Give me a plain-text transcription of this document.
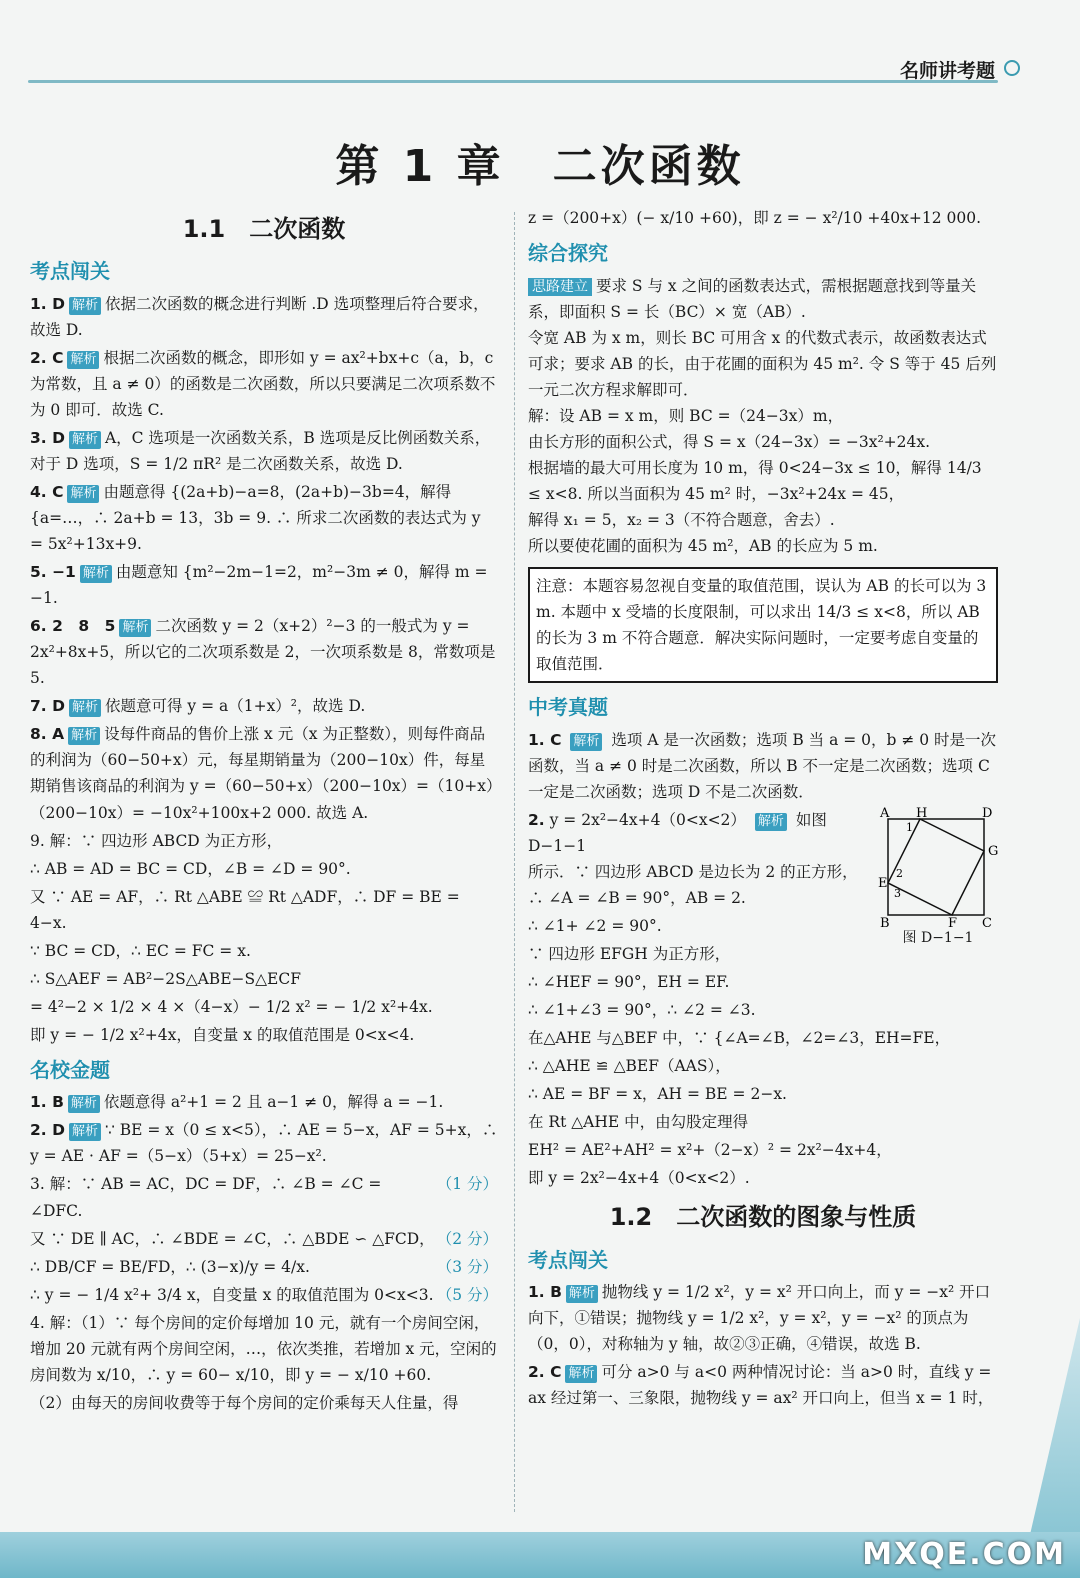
名师讲考题
第 1 章　二次函数
1.1　二次函数
考点闯关
1. D 解析 依据二次函数的概念进行判断 .D 选项整理后符合要求，故选 D.
2. C 解析 根据二次函数的概念，即形如 y = ax²+bx+c（a，b，c 为常数，且 a ≠ 0）的函数是二次函数，所以只要满足二次项系数不为 0 即可．故选 C.
3. D 解析 A，C 选项是一次函数关系，B 选项是反比例函数关系，对于 D 选项，S = 1/2 πR² 是二次函数关系，故选 D.
4. C 解析 由题意得 {(2a+b)−a=8，(2a+b)−3b=4，解得 {a=…，∴ 2a+b = 13，3b = 9. ∴ 所求二次函数的表达式为 y = 5x²+13x+9.
5. −1 解析 由题意知 {m²−2m−1=2，m²−3m ≠ 0，解得 m = −1.
6. 2　8　5 解析 二次函数 y = 2（x+2）²−3 的一般式为 y = 2x²+8x+5，所以它的二次项系数是 2，一次项系数是 8，常数项是 5.
7. D 解析 依题意可得 y = a（1+x）²，故选 D.
8. A 解析 设每件商品的售价上涨 x 元（x 为正整数），则每件商品的利润为（60−50+x）元，每星期销量为（200−10x）件，每星期销售该商品的利润为 y =（60−50+x）（200−10x）=（10+x）（200−10x）= −10x²+100x+2 000. 故选 A.
9. 解：∵ 四边形 ABCD 为正方形，
∴ AB = AD = BC = CD，∠B = ∠D = 90°.
又 ∵ AE = AF，∴ Rt △ABE ≌ Rt △ADF，∴ DF = BE = 4−x.
∵ BC = CD，∴ EC = FC = x.
∴ S△AEF = AB²−2S△ABE−S△ECF
= 4²−2 × 1/2 × 4 ×（4−x）− 1/2 x² = − 1/2 x²+4x.
即 y = − 1/2 x²+4x，自变量 x 的取值范围是 0<x<4.
名校金题
1. B 解析 依题意得 a²+1 = 2 且 a−1 ≠ 0，解得 a = −1.
2. D 解析 ∵ BE = x（0 ≤ x<5），∴ AE = 5−x，AF = 5+x，∴ y = AE · AF =（5−x）（5+x）= 25−x².
（1 分）
3. 解：∵ AB = AC，DC = DF，∴ ∠B = ∠C = ∠DFC.
（2 分）
又 ∵ DE ∥ AC，∴ ∠BDE = ∠C，∴ △BDE ∽ △FCD，
（3 分）
∴ DB/CF = BE/FD，∴ (3−x)/y = 4/x.
（5 分）
∴ y = − 1/4 x²+ 3/4 x，自变量 x 的取值范围为 0<x<3.
4. 解：（1）∵ 每个房间的定价每增加 10 元，就有一个房间空闲，增加 20 元就有两个房间空闲，…，依次类推，若增加 x 元，空闲的房间数为 x/10，∴ y = 60− x/10，即 y = − x/10 +60.
（2）由每天的房间收费等于每个房间的定价乘每天人住量，得
z =（200+x）(− x/10 +60)，即 z = − x²/10 +40x+12 000.
综合探究
思路建立 要求 S 与 x 之间的函数表达式，需根据题意找到等量关系，即面积 S = 长（BC）× 宽（AB）.
令宽 AB 为 x m，则长 BC 可用含 x 的代数式表示，故函数表达式可求；要求 AB 的长，由于花圃的面积为 45 m². 令 S 等于 45 后列一元二次方程求解即可．
解：设 AB = x m，则 BC =（24−3x）m，
由长方形的面积公式，得 S = x（24−3x）= −3x²+24x.
根据墙的最大可用长度为 10 m，得 0<24−3x ≤ 10，解得 14/3 ≤ x<8. 所以当面积为 45 m² 时，−3x²+24x = 45，
解得 x₁ = 5，x₂ = 3（不符合题意，舍去）.
所以要使花圃的面积为 45 m²，AB 的长应为 5 m.
注意：本题容易忽视自变量的取值范围，误认为 AB 的长可以为 3 m. 本题中 x 受墙的长度限制，可以求出 14/3 ≤ x<8，所以 AB 的长为 3 m 不符合题意．解决实际问题时，一定要考虑自变量的取值范围．
中考真题
1. C 解析 选项 A 是一次函数；选项 B 当 a = 0，b ≠ 0 时是一次函数，当 a ≠ 0 时是二次函数，所以 B 不一定是二次函数；选项 C 一定是二次函数；选项 D 不是二次函数．
A H	D
E
G
B	F C
1
2
3
图 D−1−1
2. y = 2x²−4x+4（0<x<2） 解析 如图 D−1−1
所示．∵ 四边形 ABCD 是边长为 2 的正方形，∴ ∠A = ∠B = 90°，AB = 2.
∴ ∠1+ ∠2 = 90°.
∵ 四边形 EFGH 为正方形，
∴ ∠HEF = 90°，EH = EF.
∴ ∠1+∠3 = 90°，∴ ∠2 = ∠3.
在△AHE 与△BEF 中，∵ {∠A=∠B，∠2=∠3，EH=FE，
∴ △AHE ≌ △BEF（AAS），
∴ AE = BF = x，AH = BE = 2−x.
在 Rt △AHE 中，由勾股定理得
EH² = AE²+AH² = x²+（2−x）² = 2x²−4x+4，
即 y = 2x²−4x+4（0<x<2）.
1.2　二次函数的图象与性质
考点闯关
1. B 解析 抛物线 y = 1/2 x²，y = x² 开口向上，而 y = −x² 开口向下，①错误；抛物线 y = 1/2 x²，y = x²，y = −x² 的顶点为（0，0），对称轴为 y 轴，故②③正确，④错误，故选 B.
2. C 解析 可分 a>0 与 a<0 两种情况讨论：当 a>0 时，直线 y = ax 经过第一、三象限，抛物线 y = ax² 开口向上，但当 x = 1 时，
MXQE.COM
